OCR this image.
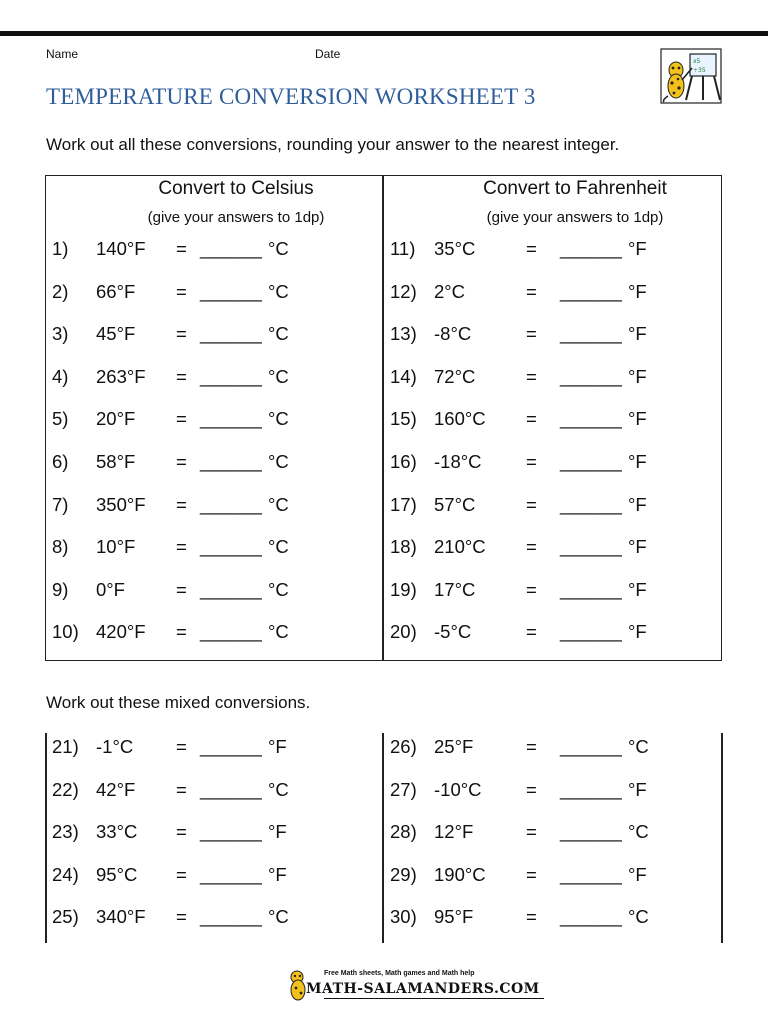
Name	Date
TEMPERATURE CONVERSION WORKSHEET 3
x5
÷35

Work out all these conversions, rounding your answer to the nearest integer.

Convert to Celsius
(give your answers to 1dp)
Convert to Fahrenheit
(give your answers to 1dp)
1) 140°F = ______ °C
2) 66°F = ______ °C
3) 45°F = ______ °C
4) 263°F = ______ °C
5) 20°F = ______ °C
6) 58°F = ______ °C
7) 350°F = ______ °C
8) 10°F = ______ °C
9) 0°F	= ______ °C
10) 420°F = ______ °C
11) 35°C	= ______ °F
12) 2°C	= ______ °F
13) -8°C	= ______ °F
14) 72°C	= ______ °F
15) 160°C = ______ °F
16) -18°C = ______ °F
17) 57°C	= ______ °F
18) 210°C = ______ °F
19) 17°C	= ______ °F
20) -5°C	= ______ °F

Work out these mixed conversions.

21) -1°C = ______ °F
22) 42°F = ______ °C
23) 33°C = ______ °F
24) 95°C = ______ °F
25) 340°F = ______ °C
26) 25°F	= ______ °C
27) -10°C = ______ °F
28) 12°F	= ______ °C
29) 190°C = ______ °F
30) 95°F	= ______ °C
Free Math sheets, Math games and Math help
MATH-SALAMANDERS.COM
